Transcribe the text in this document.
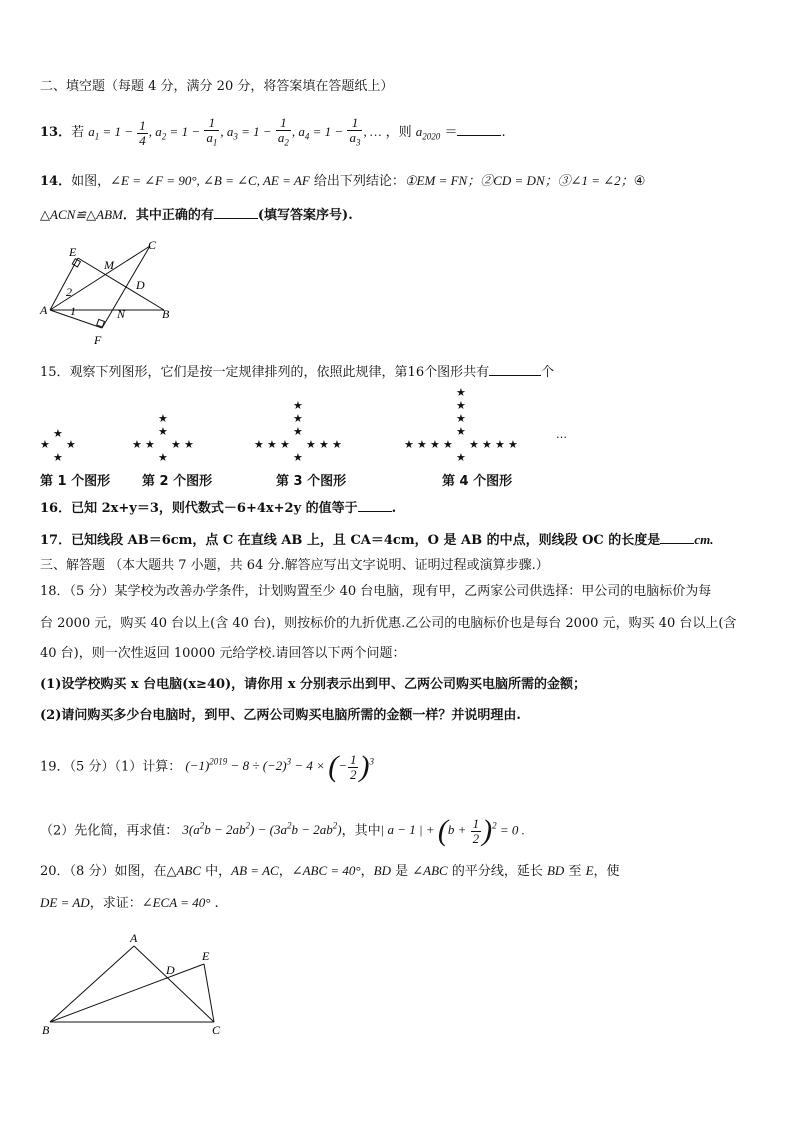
二、填空题（每题 4 分，满分 20 分，将答案填在答题纸上）
13．若 $a_1 = 1 - \frac{1}{4}$ , $a_2 = 1 - \frac{1}{a_1}$ , $a_3 = 1 - \frac{1}{a_2}$ , $a_4 = 1 - \frac{1}{a_3}$ , … ，则 $a_{2020}$ ＝	.
14．如图，∠E = ∠F = 90°, ∠B = ∠C, AE = AF 给出下列结论：①EM = FN；②CD = DN；③∠1 = ∠2；④
△ACN≌△ABM．其中正确的有	(填写答案序号).
E
M
C
D
A	N	B
F
1
2
15．观察下列图形，它们是按一定规律排列的，依照此规律，第16个图形共有	个
★
★ ★
★
★
★
★
★	★ ★
★
★
★
★
★
★
★	★ ★ ★
★
★
★
★
★
★
★
★
★	★ ★ ★ ★
★
…
第 1 个图形 第 2 个图形	第 3 个图形	第 4 个图形
16．已知 2x+y＝3，则代数式－6+4x+2y 的值等于	.
17．已知线段 AB＝6cm，点 C 在直线 AB 上，且 CA＝4cm，O 是 AB 的中点，则线段 OC 的长度是	cm.
三、解答题 （本大题共 7 小题，共 64 分.解答应写出文字说明、证明过程或演算步骤.）
18．（5 分）某学校为改善办学条件，计划购置至少 40 台电脑，现有甲，乙两家公司供选择：甲公司的电脑标价为每
台 2000 元，购买 40 台以上(含 40 台)，则按标价的九折优惠.乙公司的电脑标价也是每台 2000 元，购买 40 台以上(含
40 台)，则一次性返回 10000 元给学校.请回答以下两个问题：
(1)设学校购买 x 台电脑(x≥40)，请你用 x 分别表示出到甲、乙两公司购买电脑所需的金额；
(2)请问购买多少台电脑时，到甲、乙两公司购买电脑所需的金额一样？并说明理由.
19．（5 分）（1）计算： $(-1)^{2019} - 8 \div (-2)^3 - 4$ × (− $\frac{1}{2} )^3$
（2）先化简，再求值： $3(a^2b - 2ab^2) - (3a^2b - 2ab^2)$，其中| a − 1 | + $(b + \frac{1}{2} )^2 = 0$ .
20．（8 分）如图，在△ABC 中，AB = AC，∠ABC = 40°，BD 是 ∠ABC 的平分线，延长 BD 至 E，使
DE = AD，求证：∠ECA = 40° .
A
D
E
B	C
